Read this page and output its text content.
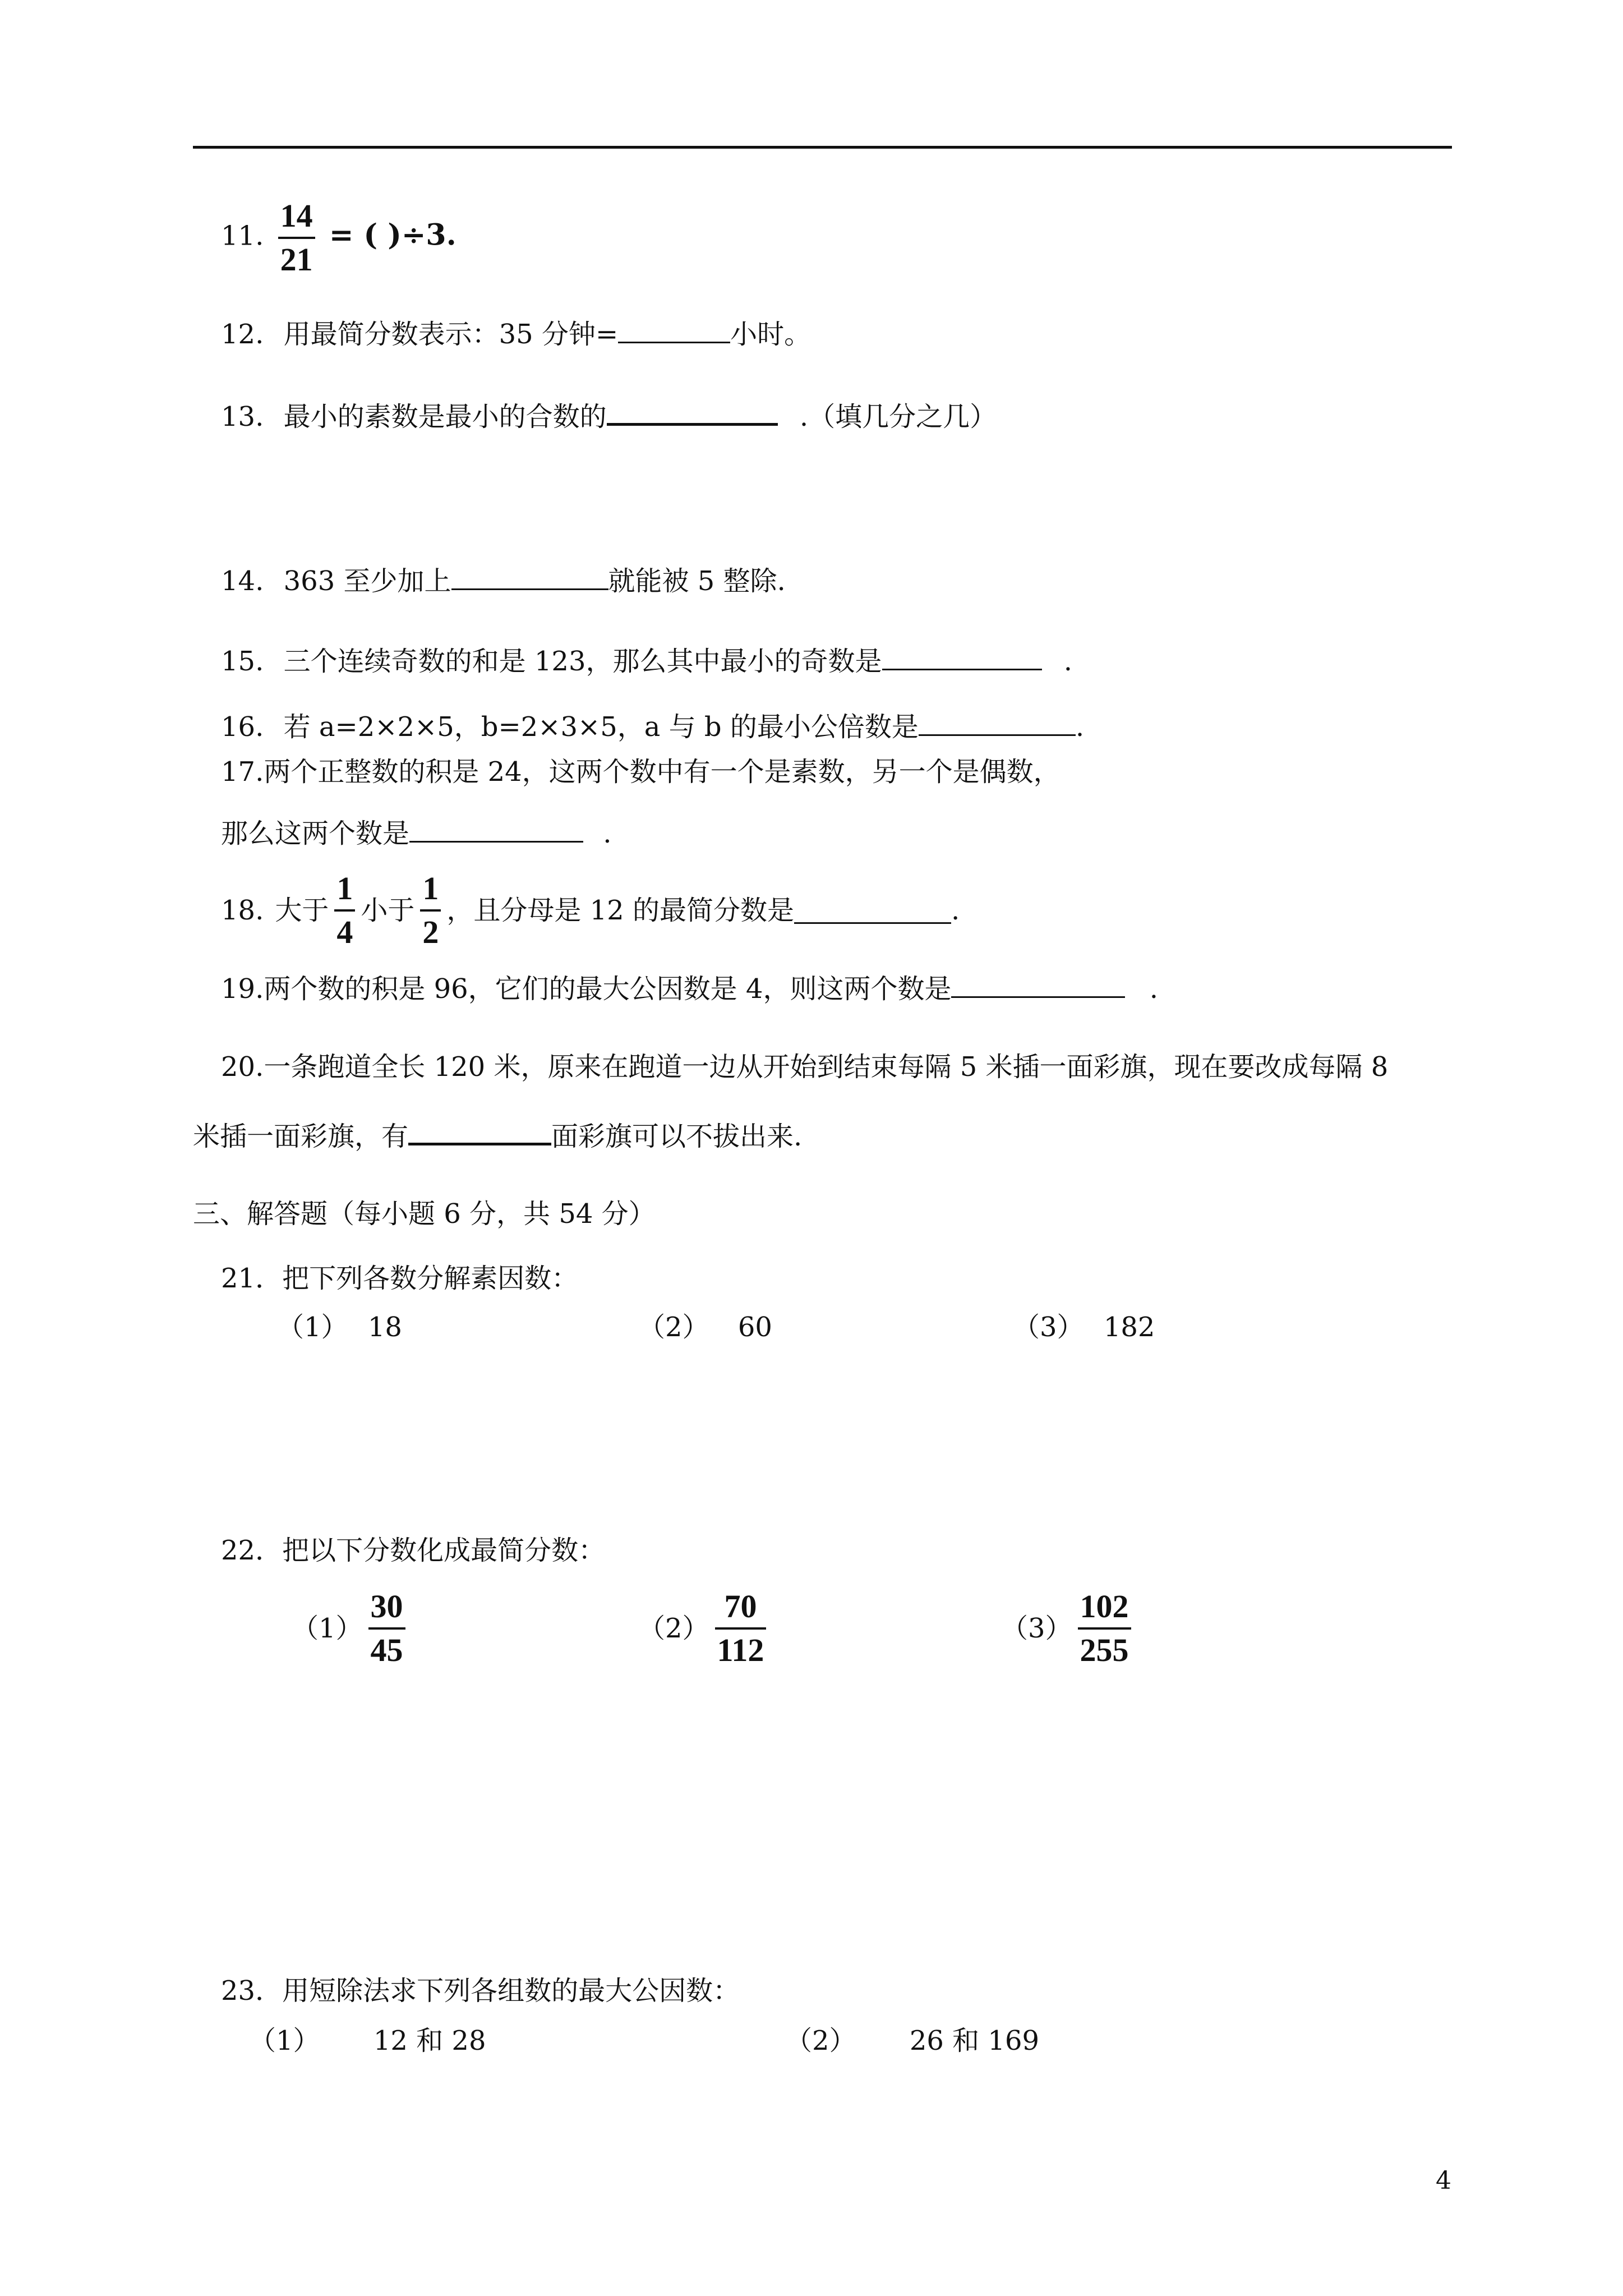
11. $\frac{14}{21}$ = ( )÷3.
12. 用最简分数表示：35 分钟=	小时。
13. 最小的素数是最小的合数的	.（填几分之几）
14. 363 至少加上	就能被 5 整除.
15. 三个连续奇数的和是 123，那么其中最小的奇数是	.
16. 若 a=2×2×5，b=2×3×5，a 与 b 的最小公倍数是	.
17.两个正整数的积是 24，这两个数中有一个是素数，另一个是偶数，
那么这两个数是	.
18. 大于 $\frac{1}{4}$ 小于 $\frac{1}{2}$ ，且分母是 12 的最简分数是	.
19.两个数的积是 96，它们的最大公因数是 4，则这两个数是	.
20.一条跑道全长 120 米，原来在跑道一边从开始到结束每隔 5 米插一面彩旗，现在要改成每隔 8
米插一面彩旗，有	面彩旗可以不拔出来.
三、解答题（每小题 6 分，共 54 分）
21．把下列各数分解素因数：
（1） 18	（2） 60	（3） 182
22．把以下分数化成最简分数：
$(1) \frac{30}{45}$	$(2) \frac{70}{112}$	$(3) \frac{102}{255}$
23．用短除法求下列各组数的最大公因数：
（1） 12 和 28	（2） 26 和 169
4
